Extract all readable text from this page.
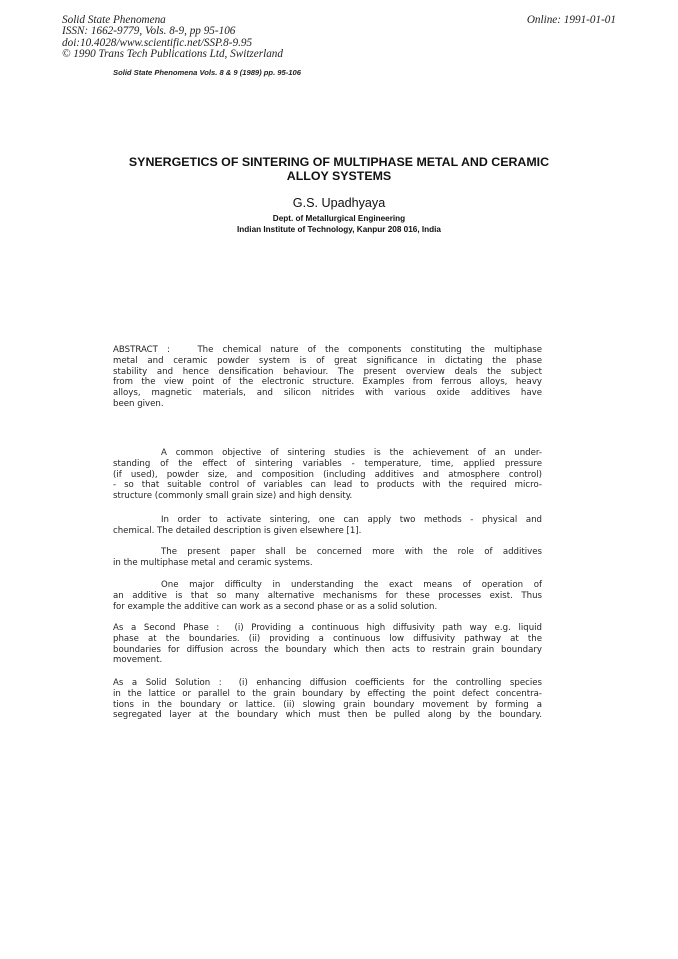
Solid State Phenomena
ISSN: 1662-9779, Vols. 8-9, pp 95-106
doi:10.4028/www.scientific.net/SSP.8-9.95
© 1990 Trans Tech Publications Ltd, Switzerland
Online: 1991-01-01
Solid State Phenomena Vols. 8 & 9 (1989) pp. 95-106
SYNERGETICS OF SINTERING OF MULTIPHASE METAL AND CERAMIC
ALLOY SYSTEMS
G.S. Upadhyaya
Dept. of Metallurgical Engineering
Indian Institute of Technology, Kanpur 208 016, India
ABSTRACT :	The chemical nature of the components constituting the multiphase
metal and ceramic powder system is of great significance in dictating the phase
stability and hence densification behaviour. The present overview deals the subject
from the view point of the electronic structure. Examples from ferrous alloys, heavy
alloys, magnetic materials, and silicon nitrides with various oxide additives have
been given.
A common objective of sintering studies is the achievement of an under-
standing of the effect of sintering variables - temperature, time, applied pressure
(if used), powder size, and composition (including additives and atmosphere control)
- so that suitable control of variables can lead to products with the required micro-
structure (commonly small grain size) and high density.
In order to activate sintering, one can apply two methods - physical and
chemical. The detailed description is given elsewhere [1].
The present paper shall be concerned more with the role of additives
in the multiphase metal and ceramic systems.
One major difficulty in understanding the exact means of operation of
an additive is that so many alternative mechanisms for these processes exist. Thus
for example the additive can work as a second phase or as a solid solution.
As a Second Phase : (i) Providing a continuous high diffusivity path way e.g. liquid
phase at the boundaries. (ii) providing a continuous low diffusivity pathway at the
boundaries for diffusion across the boundary which then acts to restrain grain boundary
movement.
As a Solid Solution : (i) enhancing diffusion coefficients for the controlling species
in the lattice or parallel to the grain boundary by effecting the point defect concentra-
tions in the boundary or lattice. (ii) slowing grain boundary movement by forming a
segregated layer at the boundary which must then be pulled along by the boundary.
